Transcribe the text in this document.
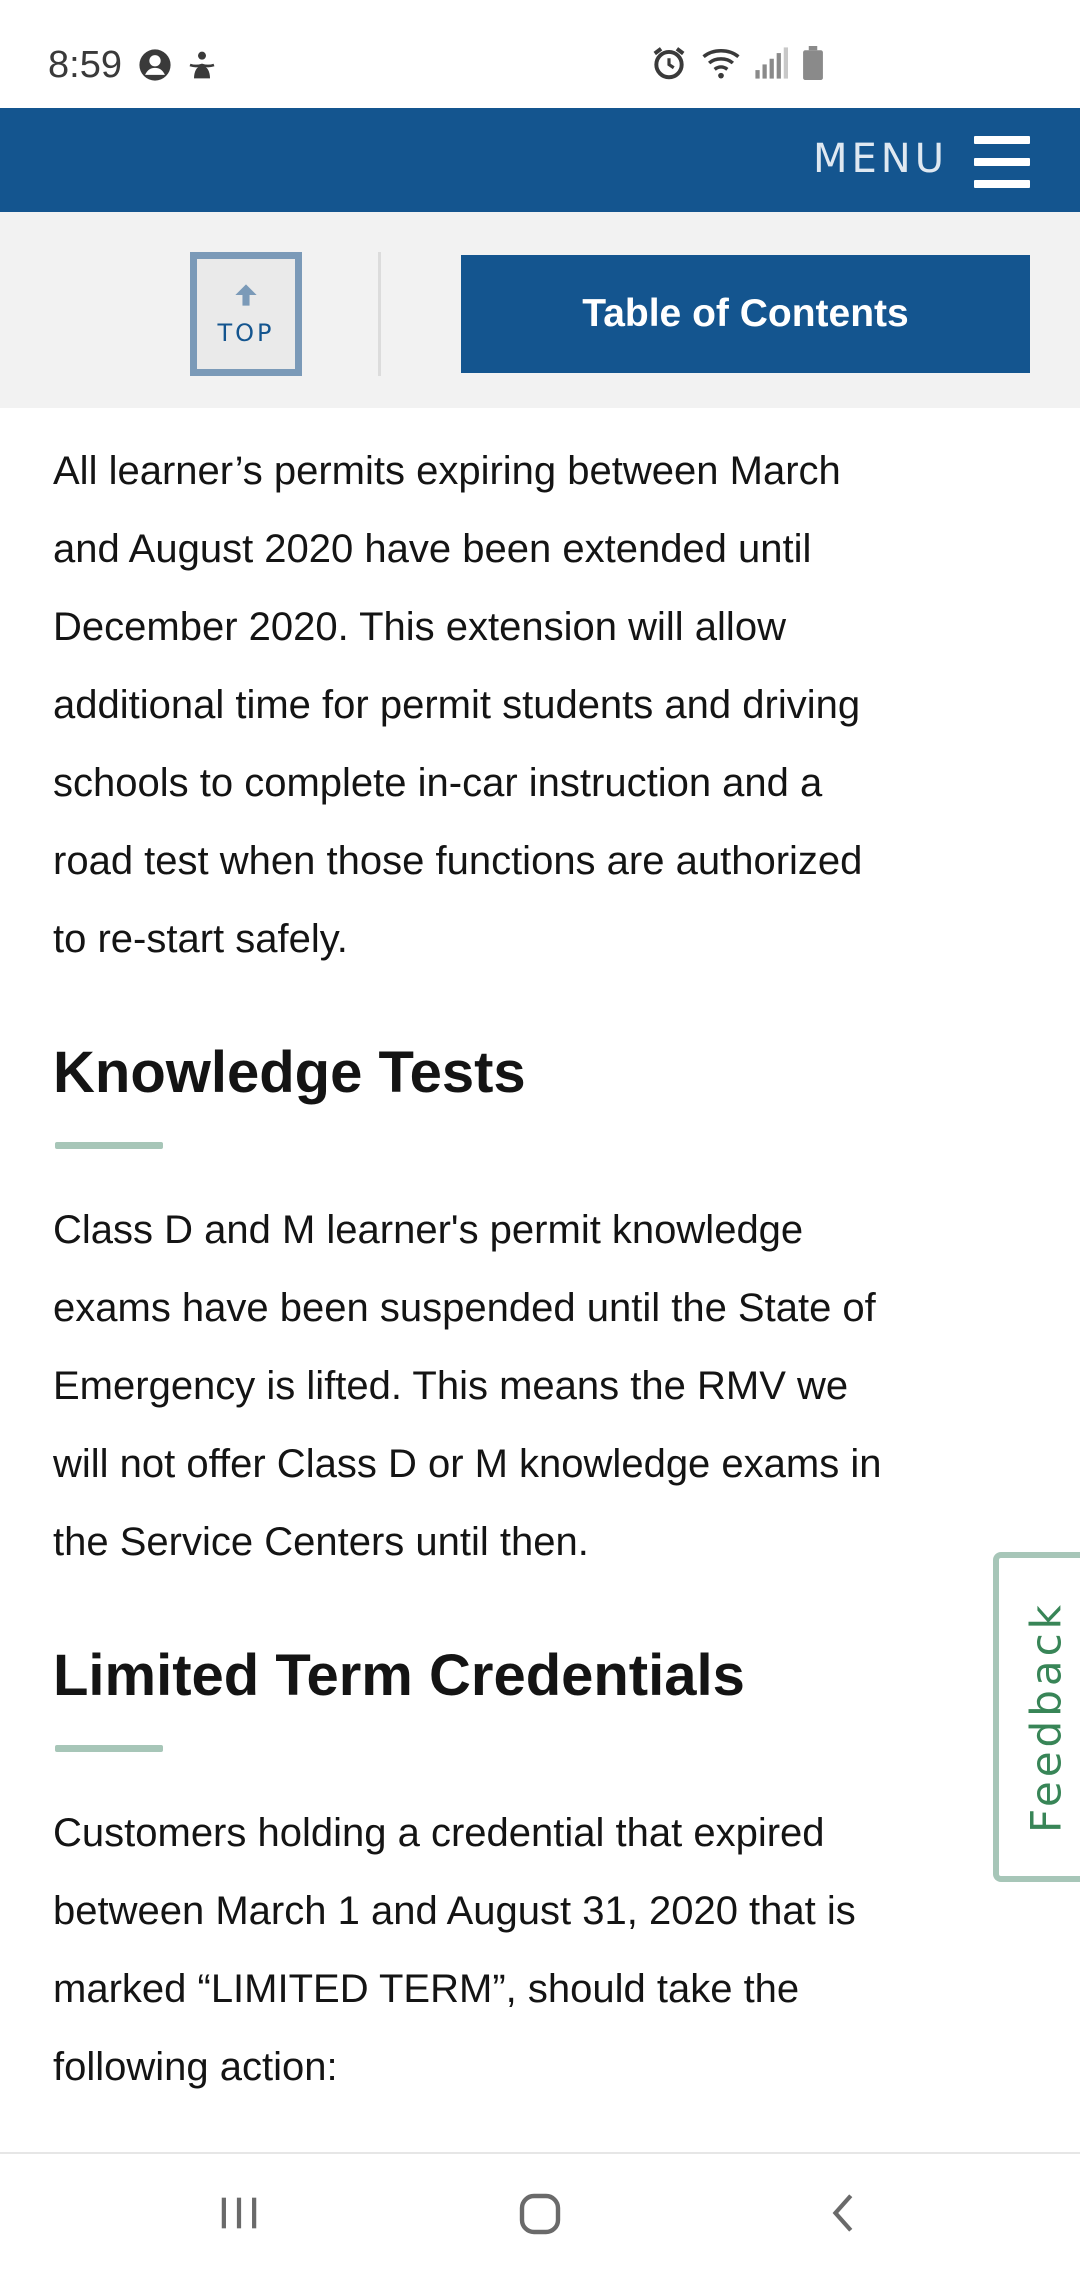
8:59
MENU
TOP	Table of Contents
All learner’s permits expiring between March
and August 2020 have been extended until
December 2020. This extension will allow
additional time for permit students and driving
schools to complete in-car instruction and a
road test when those functions are authorized
to re-start safely.
Knowledge Tests
Class D and M learner's permit knowledge
exams have been suspended until the State of
Emergency is lifted. This means the RMV we
will not offer Class D or M knowledge exams in
the Service Centers until then.
Limited Term Credentials
Customers holding a credential that expired
between March 1 and August 31, 2020 that is
marked “LIMITED TERM”, should take the
following action:
Feedback
